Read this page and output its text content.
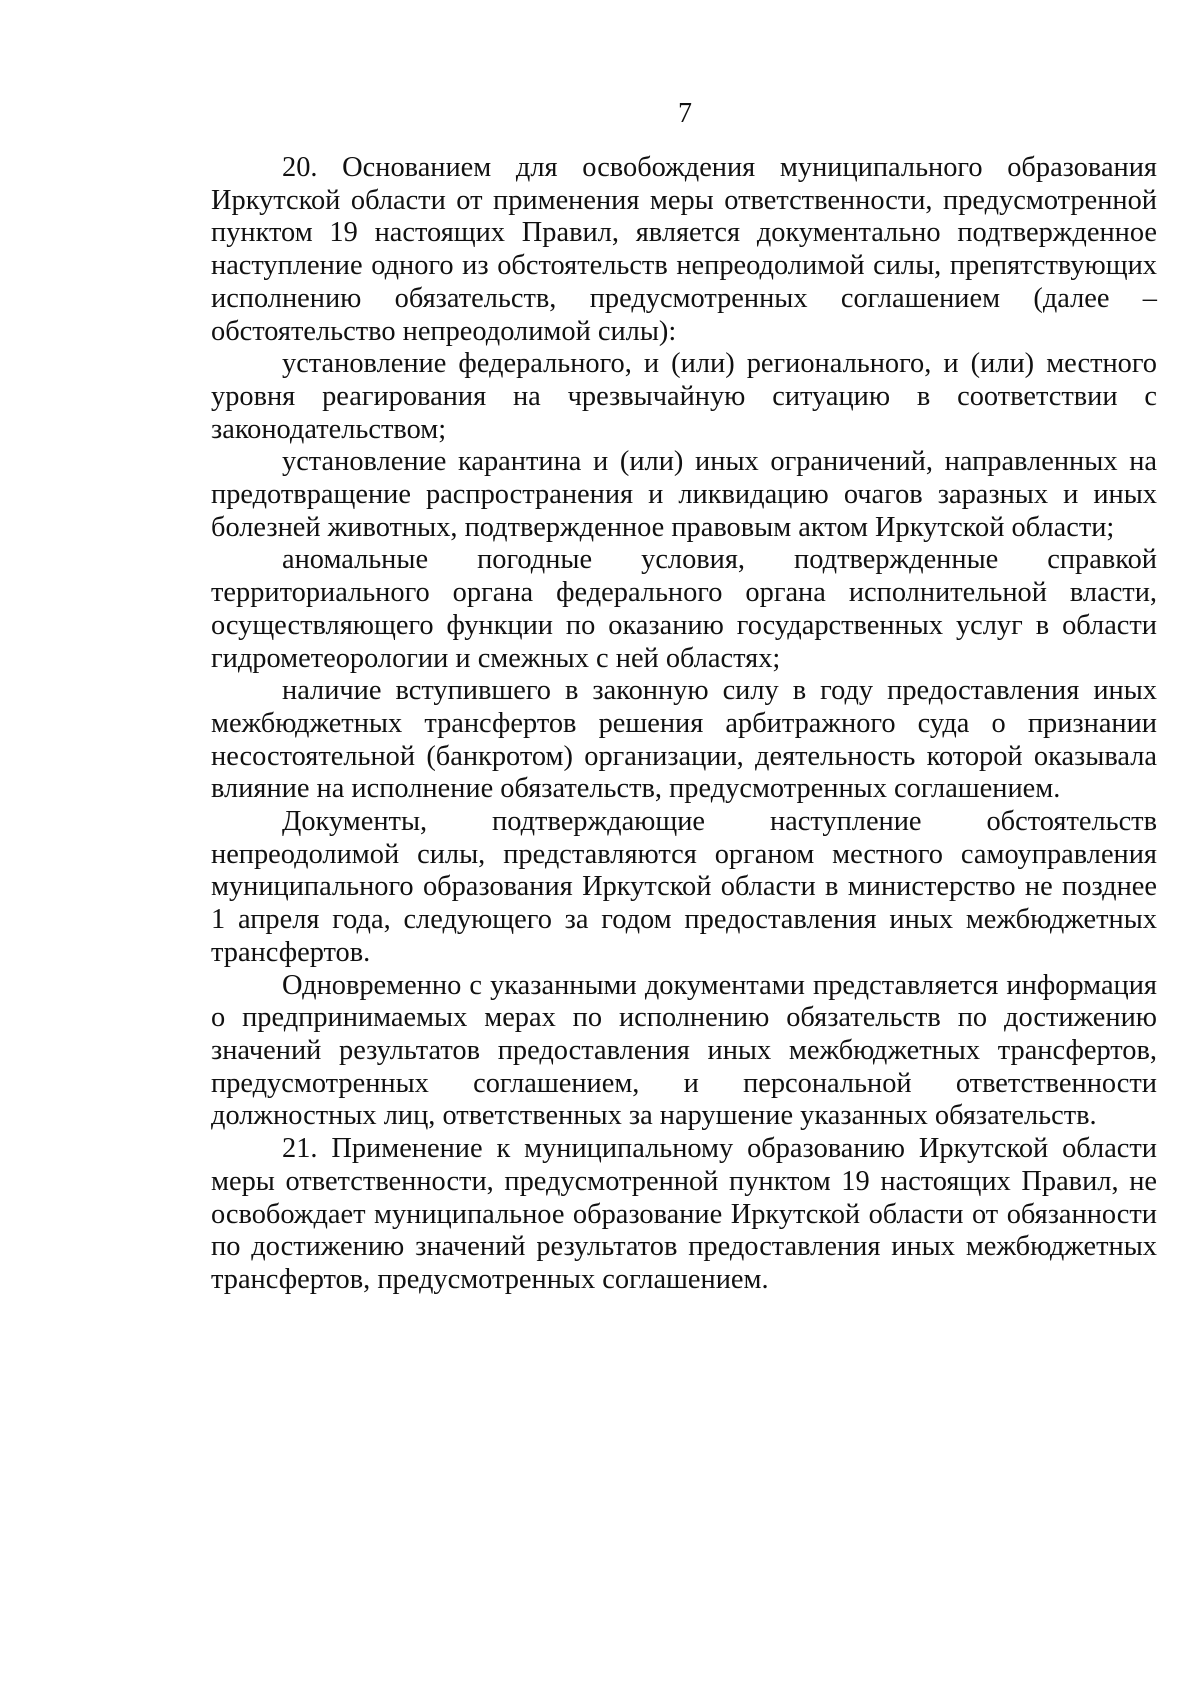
7

20. Основанием для освобождения муниципального образования Иркутской области от применения меры ответственности, предусмотренной пунктом 19 настоящих Правил, является документально подтвержденное наступление одного из обстоятельств непреодолимой силы, препятствующих исполнению обязательств, предусмотренных соглашением (далее – обстоятельство непреодолимой силы):

установление федерального, и (или) регионального, и (или) местного уровня реагирования на чрезвычайную ситуацию в соответствии с законодательством;

установление карантина и (или) иных ограничений, направленных на предотвращение распространения и ликвидацию очагов заразных и иных болезней животных, подтвержденное правовым актом Иркутской области;

аномальные погодные условия, подтвержденные справкой территориального органа федерального органа исполнительной власти, осуществляющего функции по оказанию государственных услуг в области гидрометеорологии и смежных с ней областях;

наличие вступившего в законную силу в году предоставления иных межбюджетных трансфертов решения арбитражного суда о признании несостоятельной (банкротом) организации, деятельность которой оказывала влияние на исполнение обязательств, предусмотренных соглашением.

Документы, подтверждающие наступление обстоятельств непреодолимой силы, представляются органом местного самоуправления муниципального образования Иркутской области в министерство не позднее 1 апреля года, следующего за годом предоставления иных межбюджетных трансфертов.

Одновременно с указанными документами представляется информация о предпринимаемых мерах по исполнению обязательств по достижению значений результатов предоставления иных межбюджетных трансфертов, предусмотренных соглашением, и персональной ответственности должностных лиц, ответственных за нарушение указанных обязательств.

21. Применение к муниципальному образованию Иркутской области меры ответственности, предусмотренной пунктом 19 настоящих Правил, не освобождает муниципальное образование Иркутской области от обязанности по достижению значений результатов предоставления иных межбюджетных трансфертов, предусмотренных соглашением.
